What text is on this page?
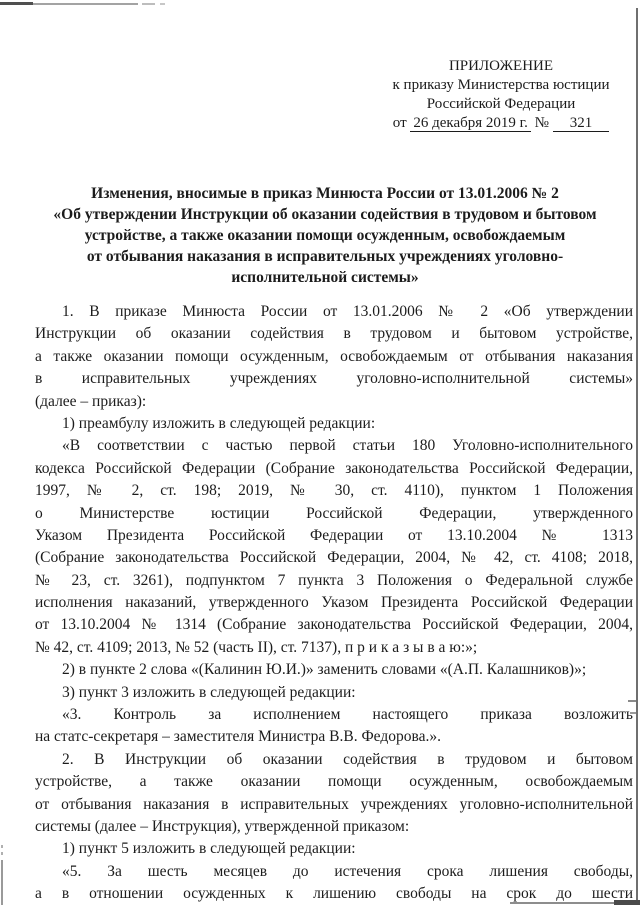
ПРИЛОЖЕНИЕ
к приказу Министерства юстиции
Российской Федерации
от 26 декабря 2019 г. № 321
Изменения, вносимые в приказ Минюста России от 13.01.2006 № 2
«Об утверждении Инструкции об оказании содействия в трудовом и бытовом
устройстве, а также оказании помощи осужденным, освобождаемым
от отбывания наказания в исправительных учреждениях уголовно-
исполнительной системы»
1. В приказе Минюста России от 13.01.2006 № 2 «Об утверждении
Инструкции об оказании содействия в трудовом и бытовом устройстве,
а также оказании помощи осужденным, освобождаемым от отбывания наказания
в исправительных учреждениях уголовно-исполнительной системы»
(далее – приказ):
1) преамбулу изложить в следующей редакции:
«В соответствии с частью первой статьи 180 Уголовно-исполнительного
кодекса Российской Федерации (Собрание законодательства Российской Федерации,
1997, № 2, ст. 198; 2019, № 30, ст. 4110), пунктом 1 Положения
о Министерстве юстиции Российской Федерации, утвержденного
Указом Президента Российской Федерации от 13.10.2004 № 1313
(Собрание законодательства Российской Федерации, 2004, № 42, ст. 4108; 2018,
№ 23, ст. 3261), подпунктом 7 пункта 3 Положения о Федеральной службе
исполнения наказаний, утвержденного Указом Президента Российской Федерации
от 13.10.2004 № 1314 (Собрание законодательства Российской Федерации, 2004,
№ 42, ст. 4109; 2013, № 52 (часть II), ст. 7137), п р и к а з ы в а ю:»;
2) в пункте 2 слова «(Калинин Ю.И.)» заменить словами «(А.П. Калашников)»;
3) пункт 3 изложить в следующей редакции:
«3. Контроль за исполнением настоящего приказа возложить
на статс-секретаря – заместителя Министра В.В. Федорова.».
2. В Инструкции об оказании содействия в трудовом и бытовом
устройстве, а также оказании помощи осужденным, освобождаемым
от отбывания наказания в исправительных учреждениях уголовно-исполнительной
системы (далее – Инструкция), утвержденной приказом:
1) пункт 5 изложить в следующей редакции:
«5. За шесть месяцев до истечения срока лишения свободы,
а в отношении осужденных к лишению свободы на срок до шести
